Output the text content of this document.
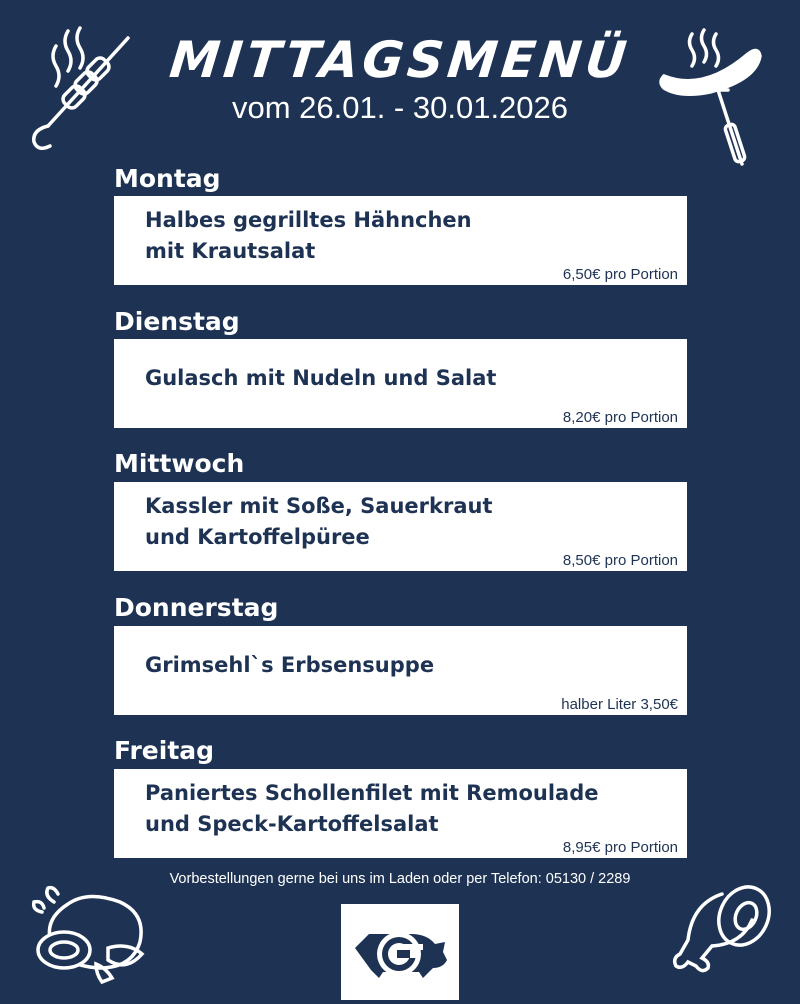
MITTAGSMENÜ
vom 26.01. - 30.01.2026
Montag
Halbes gegrilltes Hähnchen
mit Krautsalat
6,50€ pro Portion
Dienstag
Gulasch mit Nudeln und Salat
8,20€ pro Portion
Mittwoch
Kassler mit Soße, Sauerkraut
und Kartoffelpüree
8,50€ pro Portion
Donnerstag
Grimsehl`s Erbsensuppe
halber Liter 3,50€
Freitag
Paniertes Schollenfilet mit Remoulade
und Speck-Kartoffelsalat
8,95€ pro Portion
Vorbestellungen gerne bei uns im Laden oder per Telefon: 05130 / 2289
